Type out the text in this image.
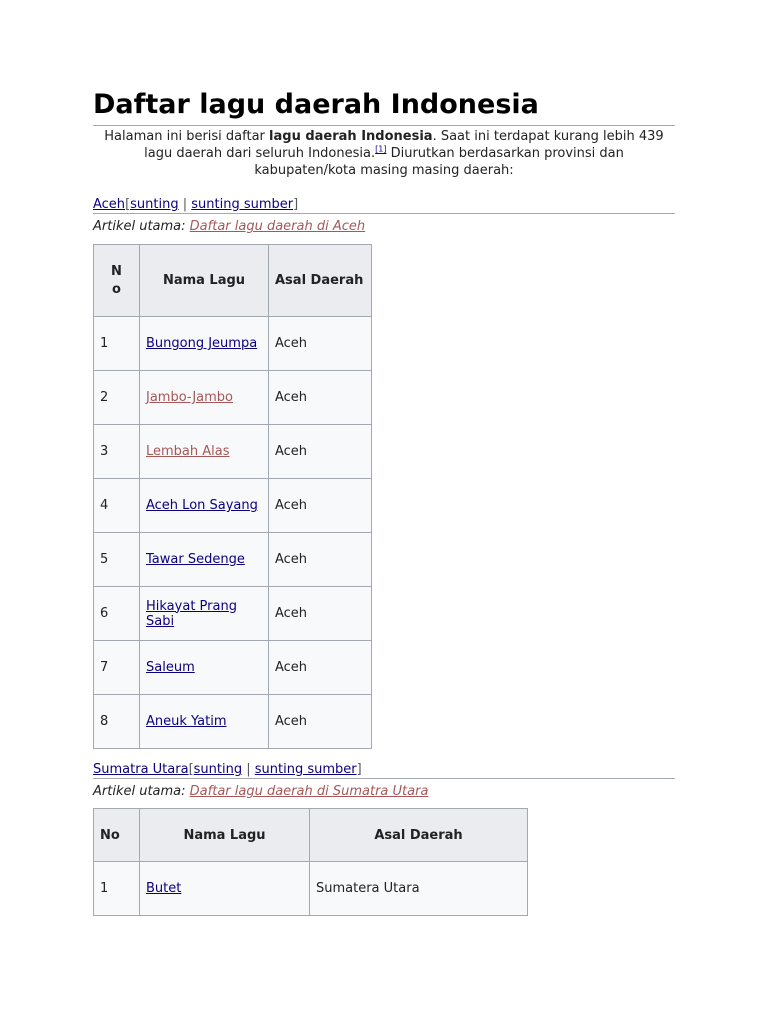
Daftar lagu daerah Indonesia

Halaman ini berisi daftar lagu daerah Indonesia. Saat ini terdapat kurang lebih 439 lagu daerah dari seluruh Indonesia.[1] Diurutkan berdasarkan provinsi dan kabupaten/kota masing masing daerah:

Aceh[sunting | sunting sumber]
Artikel utama: Daftar lagu daerah di Aceh
N o	Nama Lagu	Asal Daerah
1	Bungong Jeumpa	Aceh
2	Jambo-Jambo	Aceh
3	Lembah Alas	Aceh
4	Aceh Lon Sayang	Aceh
5	Tawar Sedenge	Aceh
6	Hikayat Prang Sabi	Aceh
7	Saleum	Aceh
8	Aneuk Yatim	Aceh
Sumatra Utara[sunting | sunting sumber]
Artikel utama: Daftar lagu daerah di Sumatra Utara
No	Nama Lagu	Asal Daerah
1	Butet	Sumatera Utara
